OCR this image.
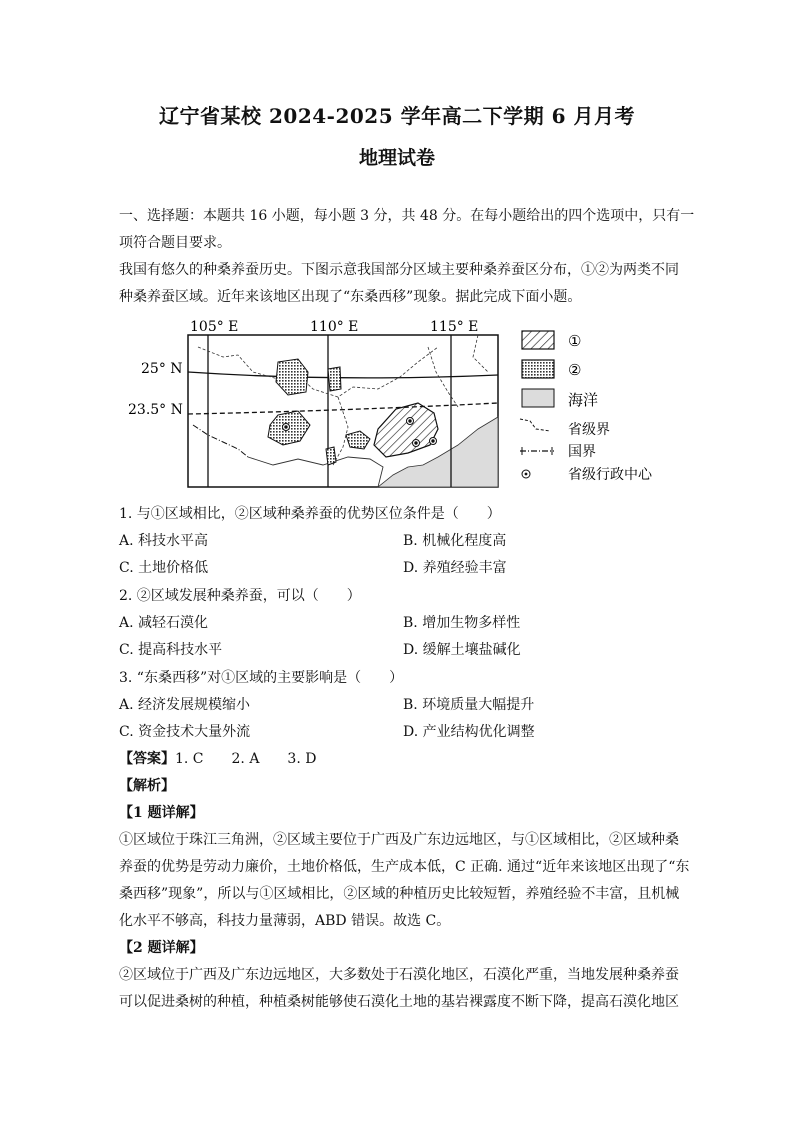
辽宁省某校 2024-2025 学年高二下学期 6 月月考
地理试卷
一、选择题：本题共 16 小题，每小题 3 分，共 48 分。在每小题给出的四个选项中，只有一
项符合题目要求。
我国有悠久的种桑养蚕历史。下图示意我国部分区域主要种桑养蚕区分布，①②为两类不同
种桑养蚕区域。近年来该地区出现了“东桑西移”现象。据此完成下面小题。
105° E	110° E	115° E
25° N
23.5° N
①
②
海洋
省级界
国界
省级行政中心
1. 与①区域相比，②区域种桑养蚕的优势区位条件是（　　）
A. 科技水平高	B. 机械化程度高
C. 土地价格低	D. 养殖经验丰富
2. ②区域发展种桑养蚕，可以（　　）
A. 减轻石漠化	B. 增加生物多样性
C. 提高科技水平	D. 缓解土壤盐碱化
3. “东桑西移”对①区域的主要影响是（　　）
A. 经济发展规模缩小	B. 环境质量大幅提升
C. 资金技术大量外流	D. 产业结构优化调整
【答案】1. C　　2. A　　3. D
【解析】
【1 题详解】
①区域位于珠江三角洲，②区域主要位于广西及广东边远地区，与①区域相比，②区域种桑
养蚕的优势是劳动力廉价，土地价格低，生产成本低，C 正确. 通过“近年来该地区出现了“东
桑西移”现象”，所以与①区域相比，②区域的种植历史比较短暂，养殖经验不丰富，且机械
化水平不够高，科技力量薄弱，ABD 错误。故选 C。
【2 题详解】
②区域位于广西及广东边远地区，大多数处于石漠化地区，石漠化严重，当地发展种桑养蚕
可以促进桑树的种植，种植桑树能够使石漠化土地的基岩裸露度不断下降，提高石漠化地区
